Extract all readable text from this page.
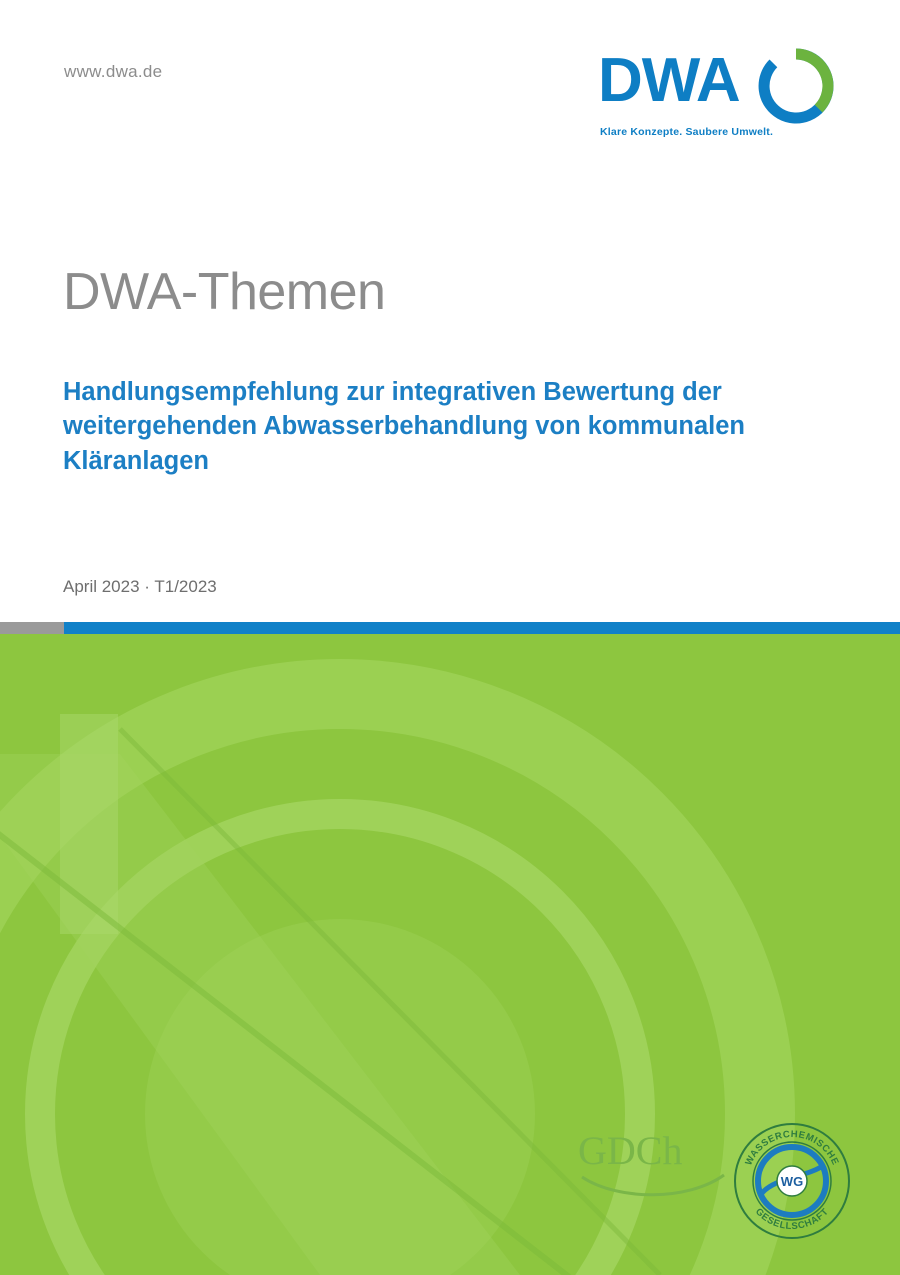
www.dwa.de	DWA
Klare Konzepte. Saubere Umwelt.
DWA-Themen
Handlungsempfehlung zur integrativen Bewertung der weitergehenden Abwasserbehandlung von kommunalen Kläranlagen
April 2023 · T1/2023
GDCh
WG
WASSERCHEMISCHE
GESELLSCHAFT
